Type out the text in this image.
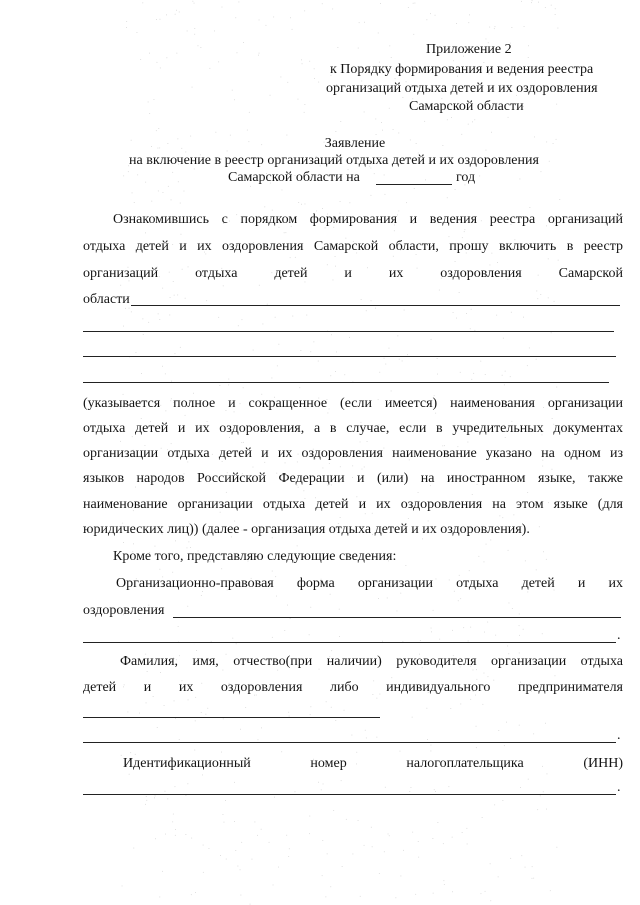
Приложение 2
к Порядку формирования и ведения реестра
организаций отдыха детей и их оздоровления
Самарской области
Заявление
на включение в реестр организаций отдыха детей и их оздоровления
Самарской области на	год
Ознакомившись с порядком формирования и ведения реестра организаций
отдыха детей и их оздоровления Самарской области, прошу включить в реестр
организаций отдыха детей и их оздоровления Самарской
области
(указывается полное и сокращенное (если имеется) наименования организации
отдыха детей и их оздоровления, а в случае, если в учредительных документах
организации отдыха детей и их оздоровления наименование указано на одном из
языков народов Российской Федерации и (или) на иностранном языке, также
наименование организации отдыха детей и их оздоровления на этом языке (для
юридических лиц)) (далее - организация отдыха детей и их оздоровления).
Кроме того, представляю следующие сведения:
Организационно-правовая форма организации отдыха детей и их
оздоровления
.
Фамилия, имя, отчество(при наличии) руководителя организации отдыха
детей и их оздоровления либо индивидуального предпринимателя
.
Идентификационный номер налогоплательщика (ИНН)
.
